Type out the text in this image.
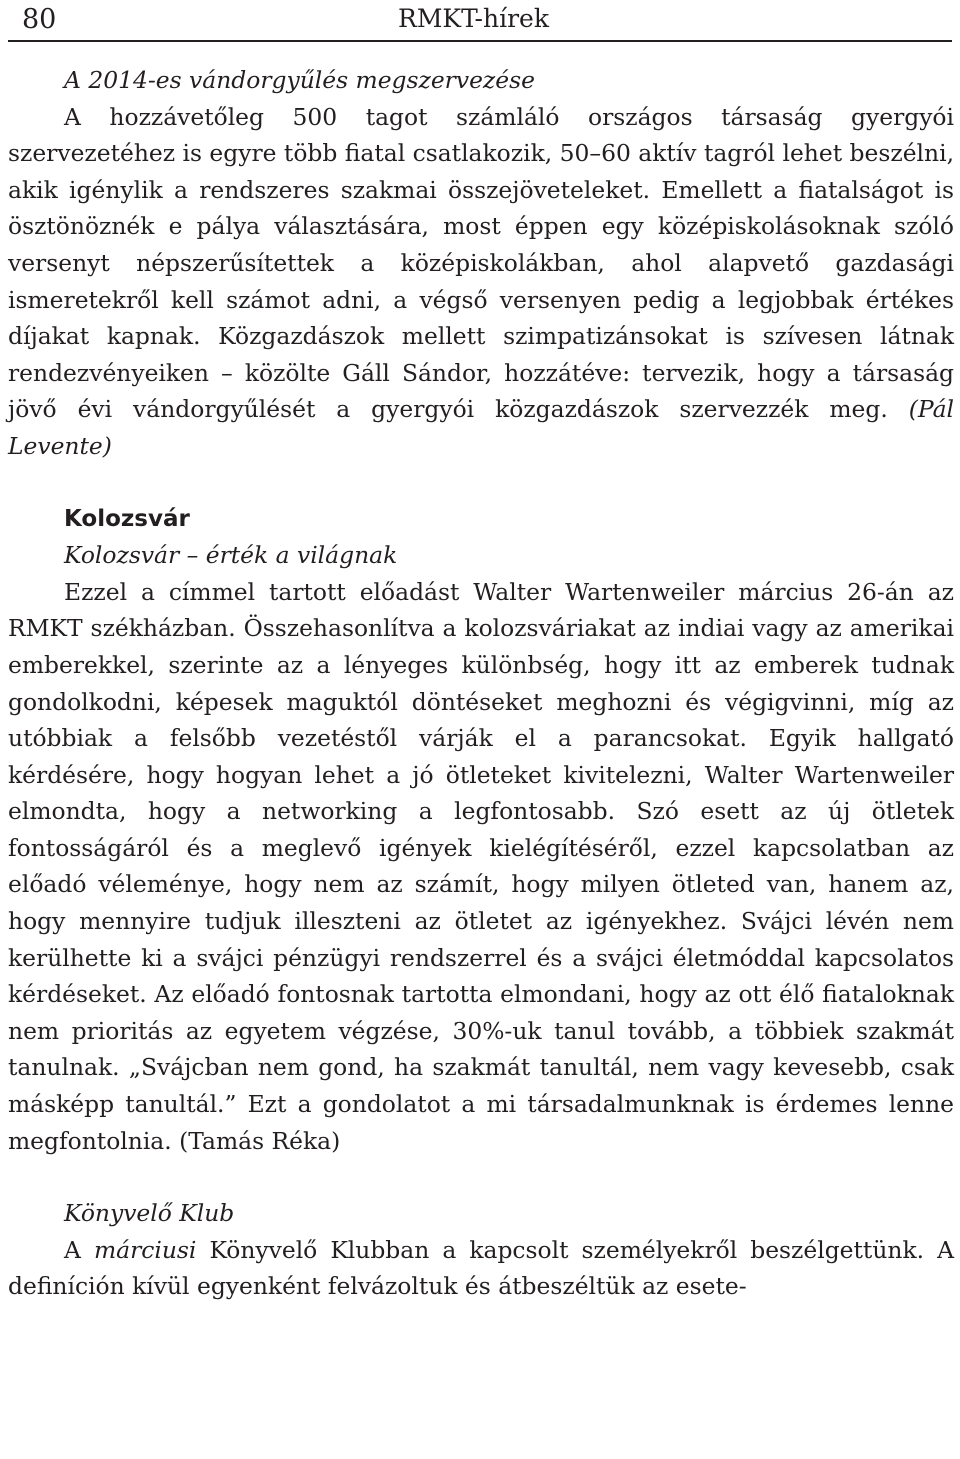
80	RMKT-hírek

A 2014-es vándorgyűlés megszervezése

A hozzávetőleg 500 tagot számláló országos társaság gyergyói szervezetéhez is egyre több fiatal csatlakozik, 50–60 aktív tagról lehet beszélni, akik igénylik a rendszeres szakmai összejöveteleket. Emellett a fiatalságot is ösztönöznék e pálya választására, most éppen egy középiskolásoknak szóló versenyt népszerűsítettek a középiskolákban, ahol alapvető gazdasági ismeretekről kell számot adni, a végső versenyen pedig a legjobbak értékes díjakat kapnak. Közgazdászok mellett szimpatizánsokat is szívesen látnak rendezvényeiken – közölte Gáll Sándor, hozzátéve: tervezik, hogy a társaság jövő évi vándorgyűlését a gyergyói közgazdászok szervezzék meg. (Pál Levente)

Kolozsvár

Kolozsvár – érték a világnak

Ezzel a címmel tartott előadást Walter Wartenweiler március 26-án az RMKT székházban. Összehasonlítva a kolozsváriakat az indiai vagy az amerikai emberekkel, szerinte az a lényeges különbség, hogy itt az emberek tudnak gondolkodni, képesek maguktól döntéseket meghozni és végigvinni, míg az utóbbiak a felsőbb vezetéstől várják el a parancsokat. Egyik hallgató kérdésére, hogy hogyan lehet a jó ötleteket kivitelezni, Walter Wartenweiler elmondta, hogy a networking a legfontosabb. Szó esett az új ötletek fontosságáról és a meglevő igények kielégítéséről, ezzel kapcsolatban az előadó véleménye, hogy nem az számít, hogy milyen ötleted van, hanem az, hogy mennyire tudjuk illeszteni az ötletet az igényekhez. Svájci lévén nem kerülhette ki a svájci pénzügyi rendszerrel és a svájci életmóddal kapcsolatos kérdéseket. Az előadó fontosnak tartotta elmondani, hogy az ott élő fiataloknak nem prioritás az egyetem végzése, 30%-uk tanul tovább, a többiek szakmát tanulnak. „Svájcban nem gond, ha szakmát tanultál, nem vagy kevesebb, csak másképp tanultál.” Ezt a gondolatot a mi társadalmunknak is érdemes lenne megfontolnia. (Tamás Réka)

Könyvelő Klub

A márciusi Könyvelő Klubban a kapcsolt személyekről beszélgettünk. A definíción kívül egyenként felvázoltuk és átbeszéltük az esete-
